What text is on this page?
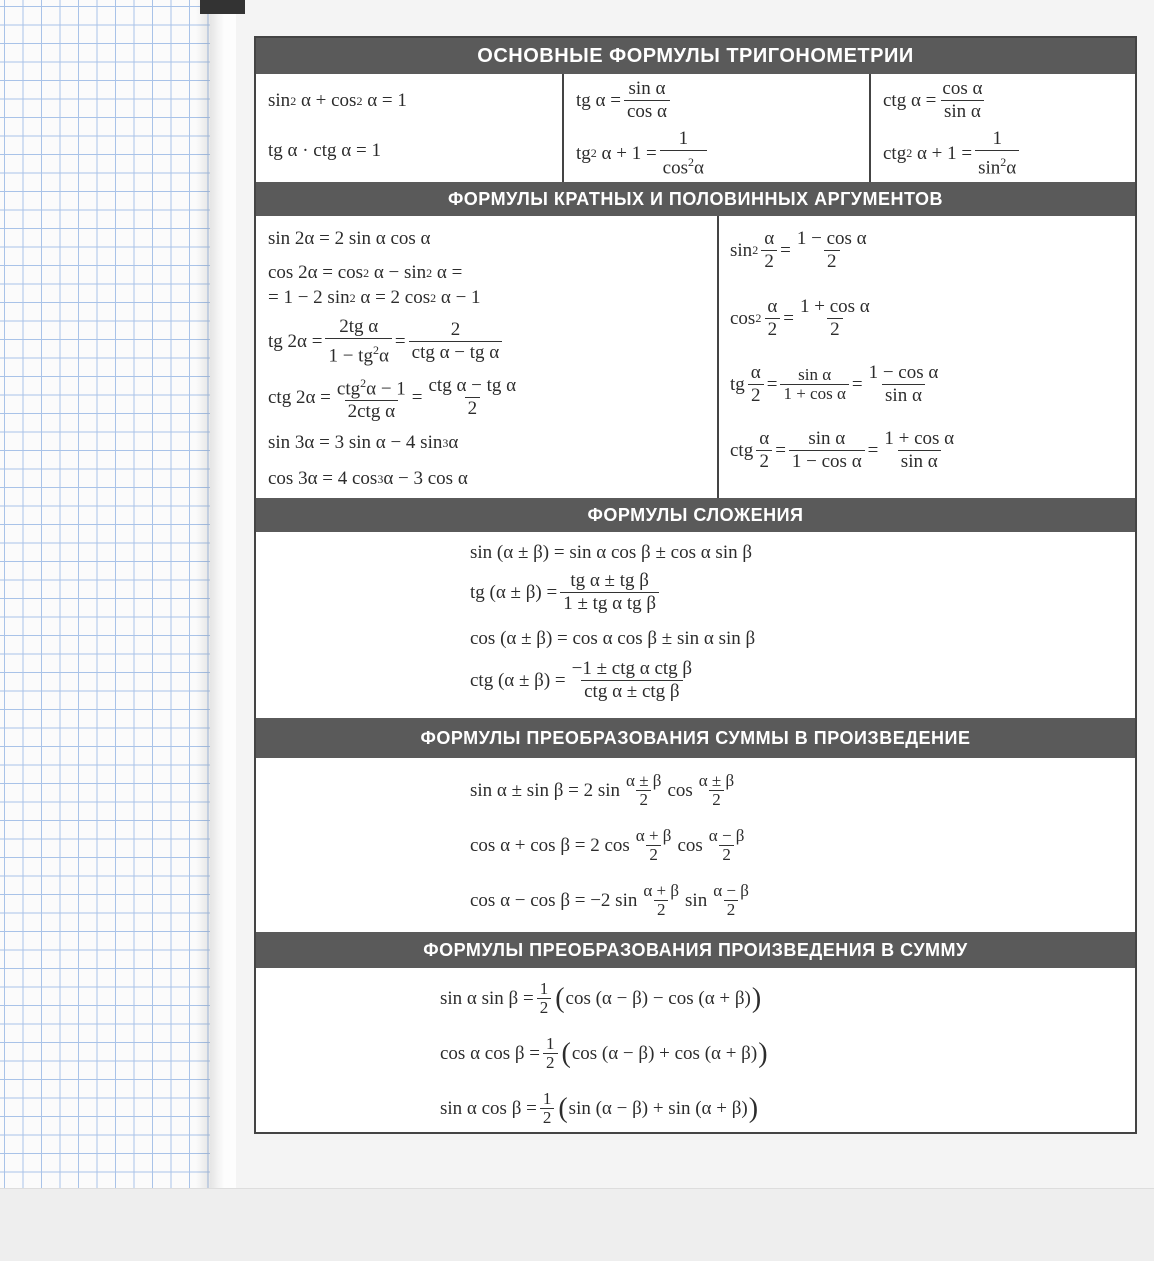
ОСНОВНЫЕ ФОРМУЛЫ ТРИГОНОМЕТРИИ
sin 2
α + cos 2
α = 1
tg α · ctg α = 1
tg $\alpha = \frac{\text{sin α}}{\text{cos α}}$
tg 2
$\alpha + 1 = \frac{1}{\cos^2\alpha}$
ctg $\alpha = \frac{\text{cos α}}{\text{sin α}}$
ctg 2
$\alpha + 1 = \frac{1}{\sin^2\alpha}$
ФОРМУЛЫ КРАТНЫХ И ПОЛОВИННЫХ АРГУМЕНТОВ
sin 2α = 2 sin α cos α
cos 2α = cos 2
α − sin 2
α =
= 1 − 2 sin 2
α = 2 cos 2
α − 1
tg $2\alpha = \frac{\text{2tg α}}{1 - tg^2\alpha} = \frac{2}{\text{ctg α − tg α}}$
ctg $2\alpha = \frac{ctg^2\alpha - 1}{\text{2ctg α}} = \frac{\text{ctg α − tg α}}{2}$
sin 3α = 3 sin α − 4 sin 3 α
cos 3α = 4 cos 3 α − 3 cos α
$\sin 2 \frac{\alpha}{2} = \frac{\text{1 − cos α}}{2}$
$\cos 2 \frac{\alpha}{2} = \frac{\text{1 + cos α}}{2}$
tg $\frac{\alpha}{2} = \frac{\text{sin α}}{\text{1 + cos α}} = \frac{\text{1 − cos α}}{\text{sin α}}$
ctg $\frac{\alpha}{2} = \frac{\text{sin α}}{\text{1 − cos α}} = \frac{\text{1 + cos α}}{\text{sin α}}$
ФОРМУЛЫ СЛОЖЕНИЯ
sin (α ± β) = sin α cos β ± cos α sin β
tg $(\alpha \pm \beta) = \frac{\text{tg α ± tg β}}{\text{1 ± tg α tg β}}$
cos (α ± β) = cos α cos β ± sin α sin β
ctg $(\alpha \pm \beta) = \frac{\text{−1 ± ctg α ctg β}}{\text{ctg α ± ctg β}}$
ФОРМУЛЫ ПРЕОБРАЗОВАНИЯ СУММЫ В ПРОИЗВЕДЕНИЕ
sin α ± sin β = 2 $\sin \frac{\alpha \pm \beta}{2}$ $\cos \frac{\alpha \pm \beta}{2}$
cos α + cos β = 2 $\cos \frac{\alpha + \beta}{2}$ $\cos \frac{\alpha - \beta}{2}$
cos α − cos β = −2 $\sin \frac{\alpha + \beta}{2}$ $\sin \frac{\alpha - \beta}{2}$
ФОРМУЛЫ ПРЕОБРАЗОВАНИЯ ПРОИЗВЕДЕНИЯ В СУММУ
sin α $\sin \beta = \frac{1}{2}$ ( cos (α − β) − cos (α + β) )
cos α $\cos \beta = \frac{1}{2}$ ( cos (α − β) + cos (α + β) )
sin α $\cos \beta = \frac{1}{2}$ ( sin (α − β) + sin (α + β) )
